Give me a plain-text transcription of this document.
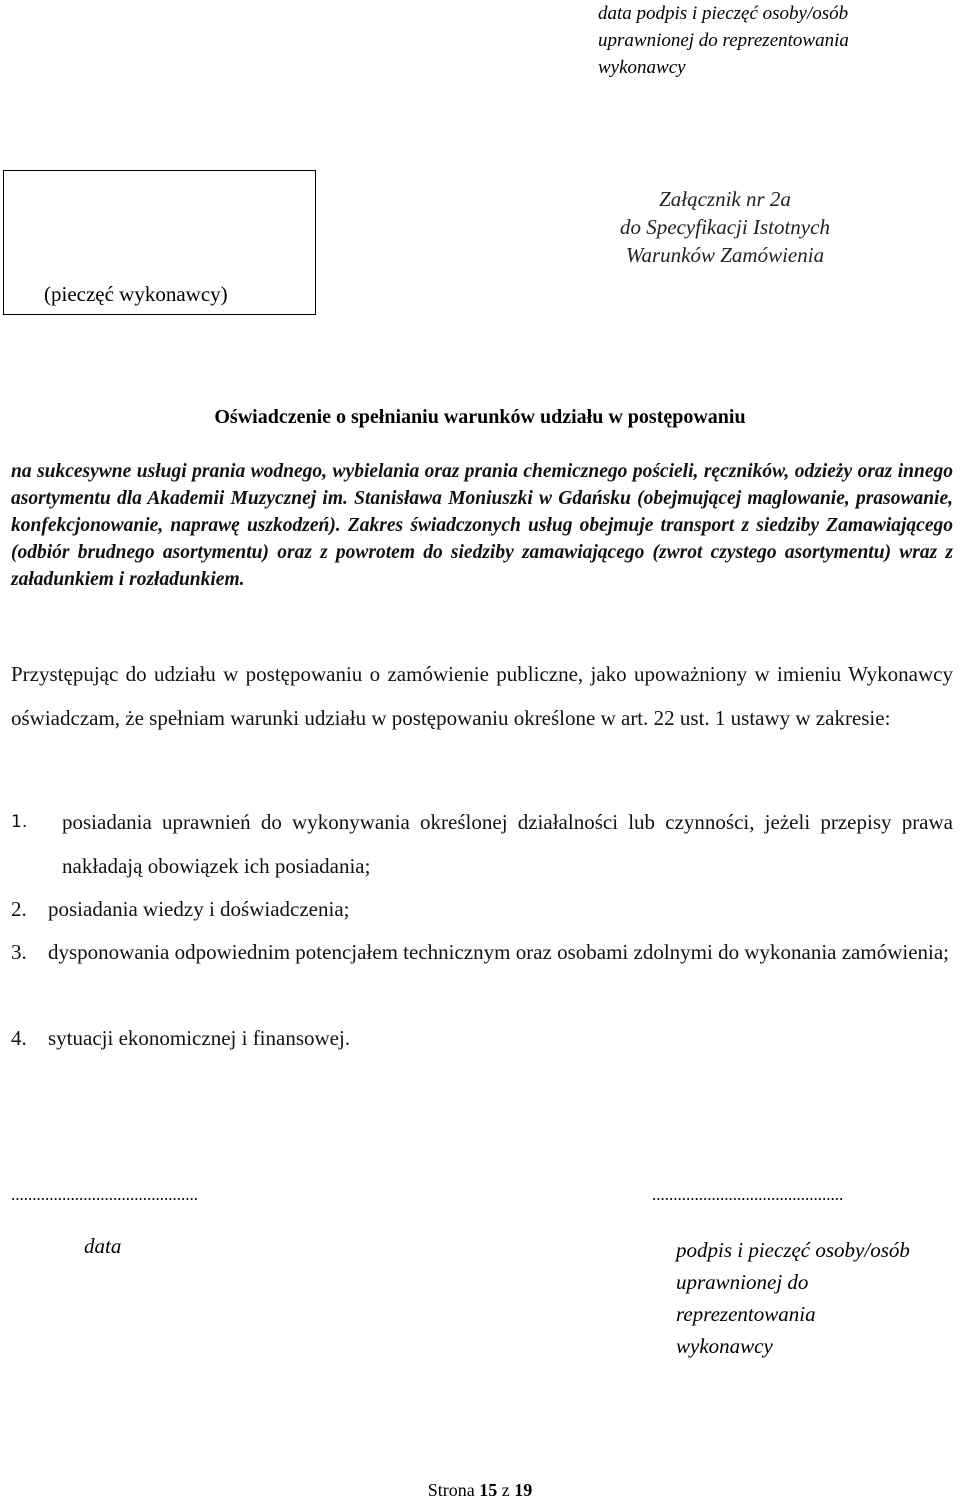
data podpis i pieczęć osoby/osób
uprawnionej do reprezentowania
wykonawcy
(pieczęć wykonawcy)
Załącznik nr 2a
do Specyfikacji Istotnych
Warunków Zamówienia
Oświadczenie o spełnianiu warunków udziału w postępowaniu
na sukcesywne usługi prania wodnego, wybielania oraz prania chemicznego pościeli, ręczników, odzieży oraz innego asortymentu dla Akademii Muzycznej im. Stanisława Moniuszki w Gdańsku (obejmującej maglowanie, prasowanie, konfekcjonowanie, naprawę uszkodzeń). Zakres świadczonych usług obejmuje transport z siedziby Zamawiającego (odbiór brudnego asortymentu) oraz z powrotem do siedziby zamawiającego (zwrot czystego asortymentu) wraz z załadunkiem i rozładunkiem.
Przystępując do udziału w postępowaniu o zamówienie publiczne, jako upoważniony w imieniu Wykonawcy oświadczam, że spełniam warunki udziału w postępowaniu określone w art. 22 ust. 1 ustawy w zakresie:
1. posiadania uprawnień do wykonywania określonej działalności lub czynności, jeżeli przepisy prawa nakładają obowiązek ich posiadania;
2. posiadania wiedzy i doświadczenia;
3. dysponowania odpowiednim potencjałem technicznym oraz osobami zdolnymi do wykonania zamówienia;
4. sytuacji ekonomicznej i finansowej.
............................................	.............................................
data	podpis i pieczęć osoby/osób
uprawnionej do
reprezentowania
wykonawcy
Strona 15 z 19
